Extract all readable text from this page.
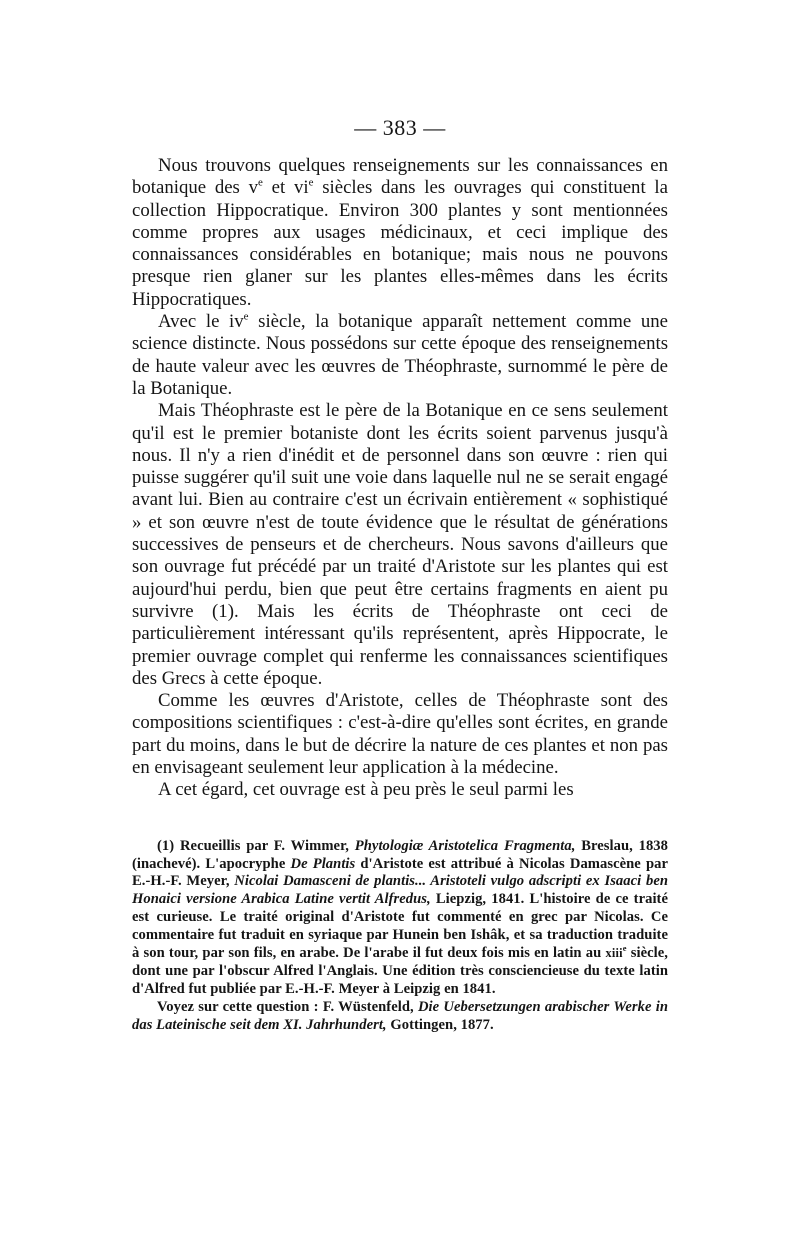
— 383 —

Nous trouvons quelques renseignements sur les connaissances en botanique des $v^e$ et $vi^e$ siècles dans les ouvrages qui constituent la collection Hippocratique. Environ 300 plantes y sont mentionnées comme propres aux usages médicinaux, et ceci implique des connaissances considérables en botanique; mais nous ne pouvons presque rien glaner sur les plantes elles-mêmes dans les écrits Hippocratiques.

Avec le $iv^e$ siècle, la botanique apparaît nettement comme une science distincte. Nous possédons sur cette époque des renseignements de haute valeur avec les œuvres de Théophraste, surnommé le père de la Botanique.

Mais Théophraste est le père de la Botanique en ce sens seulement qu'il est le premier botaniste dont les écrits soient parvenus jusqu'à nous. Il n'y a rien d'inédit et de personnel dans son œuvre : rien qui puisse suggérer qu'il suit une voie dans laquelle nul ne se serait engagé avant lui. Bien au contraire c'est un écrivain entièrement « sophistiqué » et son œuvre n'est de toute évidence que le résultat de générations successives de penseurs et de chercheurs. Nous savons d'ailleurs que son ouvrage fut précédé par un traité d'Aristote sur les plantes qui est aujourd'hui perdu, bien que peut être certains fragments en aient pu survivre (1). Mais les écrits de Théophraste ont ceci de particulièrement intéressant qu'ils représentent, après Hippocrate, le premier ouvrage complet qui renferme les connaissances scientifiques des Grecs à cette époque.

Comme les œuvres d'Aristote, celles de Théophraste sont des compositions scientifiques : c'est-à-dire qu'elles sont écrites, en grande part du moins, dans le but de décrire la nature de ces plantes et non pas en envisageant seulement leur application à la médecine.

A cet égard, cet ouvrage est à peu près le seul parmi les

(1) Recueillis par F. Wimmer, Phytologiæ Aristotelica Fragmenta, Breslau, 1838 (inachevé). L'apocryphe De Plantis d'Aristote est attribué à Nicolas Damascène par E.-H.-F. Meyer, Nicolai Damasceni de plantis... Aristoteli vulgo adscripti ex Isaaci ben Honaici versione Arabica Latine vertit Alfredus, Liepzig, 1841. L'histoire de ce traité est curieuse. Le traité original d'Aristote fut commenté en grec par Nicolas. Ce commentaire fut traduit en syriaque par Hunein ben Ishâk, et sa traduction traduite à son tour, par son fils, en arabe. De l'arabe il fut deux fois mis en latin au xiii$^e$ siècle, dont une par l'obscur Alfred l'Anglais. Une édition très consciencieuse du texte latin d'Alfred fut publiée par E.-H.-F. Meyer à Leipzig en 1841.

Voyez sur cette question : F. Wüstenfeld, Die Uebersetzungen arabischer Werke in das Lateinische seit dem XI. Jahrhundert, Gottingen, 1877.
